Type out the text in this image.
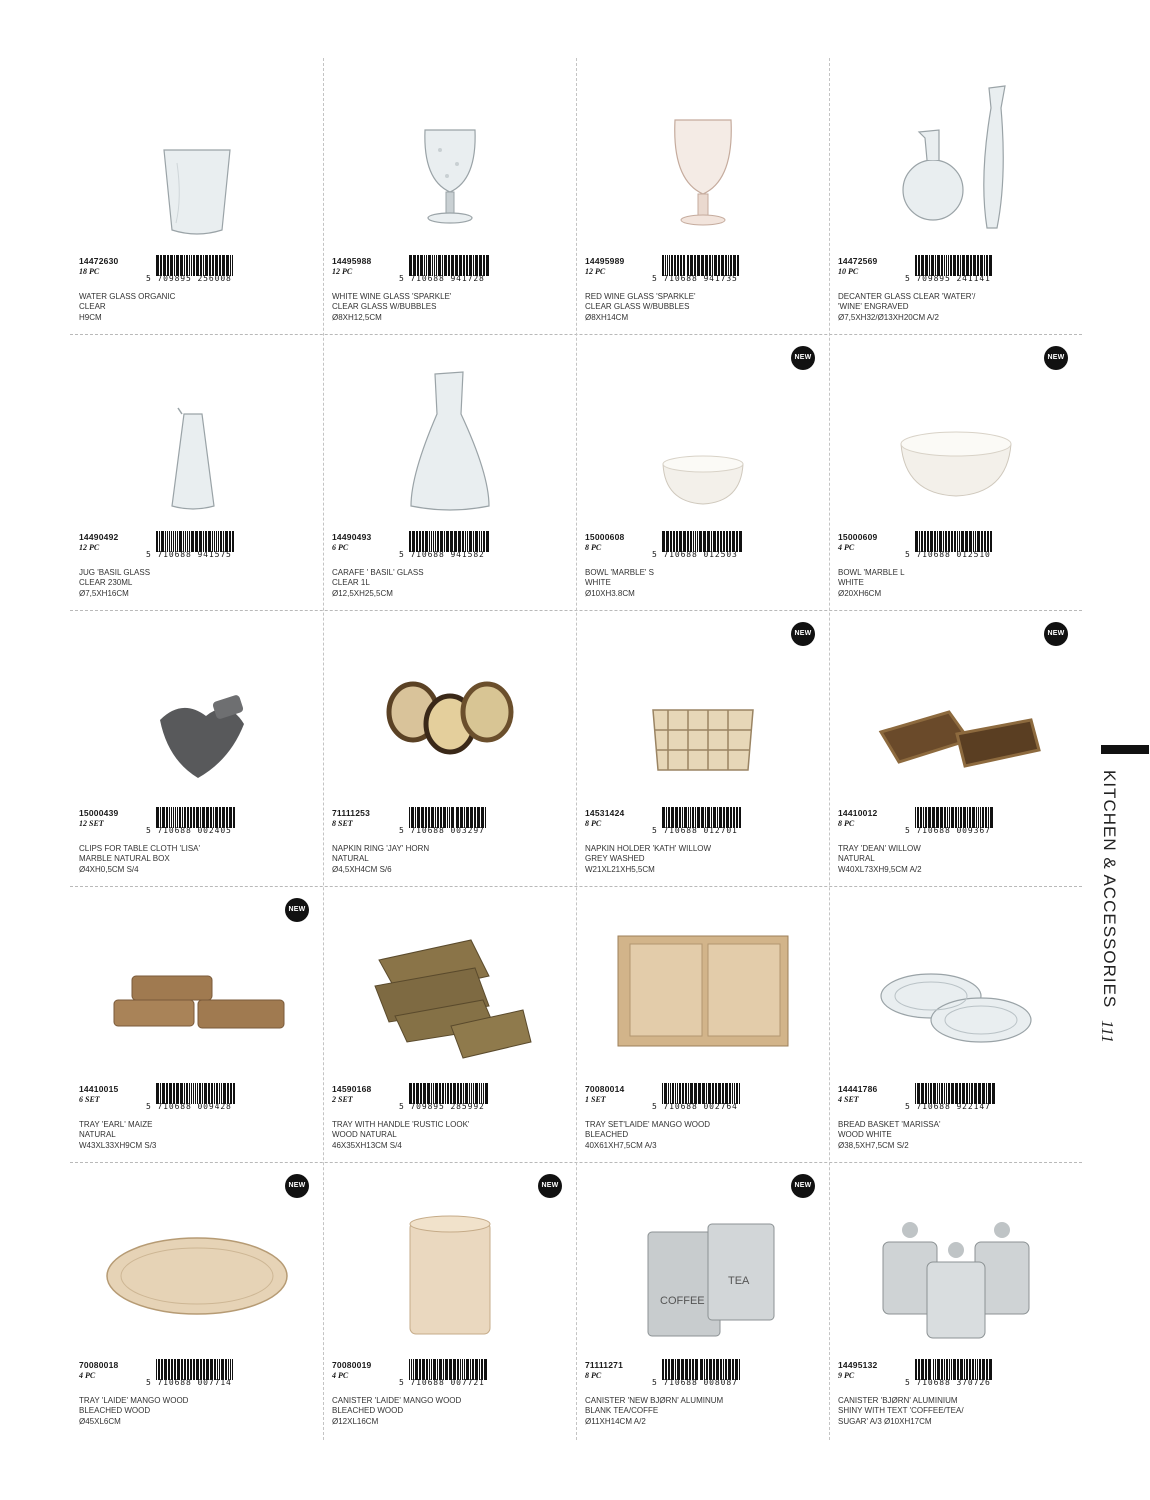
14472630
18 PC
5 709895 256008
WATER GLASS ORGANIC
CLEAR
H9CM
14495988
12 PC
5 710688 941728
WHITE WINE GLASS 'SPARKLE'
CLEAR GLASS W/BUBBLES
Ø8XH12,5CM
14495989
12 PC
5 710688 941735
RED WINE GLASS 'SPARKLE'
CLEAR GLASS W/BUBBLES
Ø8XH14CM
14472569
10 PC
5 709895 241141
DECANTER GLASS CLEAR 'WATER'/
'WINE' ENGRAVED
Ø7,5XH32/Ø13XH20CM A/2
14490492
12 PC
5 710688 941575
JUG 'BASIL GLASS
CLEAR 230ML
Ø7,5XH16CM
14490493
6 PC
5 710688 941582
CARAFE ' BASIL' GLASS
CLEAR 1L
Ø12,5XH25,5CM
NEW
15000608
8 PC
5 710688 012503
BOWL 'MARBLE' S
WHITE
Ø10XH3.8CM
NEW
15000609
4 PC
5 710688 012510
BOWL 'MARBLE L
WHITE
Ø20XH6CM
15000439
12 SET
5 710688 002405
CLIPS FOR TABLE CLOTH 'LISA'
MARBLE NATURAL BOX
Ø4XH0,5CM S/4
71111253
8 SET
5 710688 003297
NAPKIN RING 'JAY' HORN
NATURAL
Ø4,5XH4CM S/6
NEW
14531424
8 PC
5 710688 012701
NAPKIN HOLDER 'KATH' WILLOW
GREY WASHED
W21XL21XH5,5CM
NEW
14410012
8 PC
5 710688 009367
TRAY 'DEAN' WILLOW
NATURAL
W40XL73XH9,5CM A/2
NEW
14410015
6 SET
5 710688 009428
TRAY 'EARL' MAIZE
NATURAL
W43XL33XH9CM S/3
14590168
2 SET
5 709895 285992
TRAY WITH HANDLE 'RUSTIC LOOK'
WOOD NATURAL
46X35XH13CM S/4
70080014
1 SET
5 710688 002764
TRAY SET'LAIDE' MANGO WOOD
BLEACHED
40X61XH7,5CM A/3
14441786
4 SET
5 710688 922147
BREAD BASKET 'MARISSA'
WOOD WHITE
Ø38,5XH7,5CM S/2
NEW
70080018
4 PC
5 710688 007714
TRAY 'LAIDE' MANGO WOOD
BLEACHED WOOD
Ø45XL6CM
NEW
70080019
4 PC
5 710688 007721
CANISTER 'LAIDE' MANGO WOOD
BLEACHED WOOD
Ø12XL16CM
COFFEE
TEA
NEW
71111271
8 PC
5 710688 008087
CANISTER 'NEW BJØRN' ALUMINUM
BLANK TEA/COFFE
Ø11XH14CM A/2
14495132
9 PC
5 710688 370726
CANISTER 'BJØRN' ALUMINIUM
SHINY WITH TEXT 'COFFEE/TEA/
SUGAR' A/3 Ø10XH17CM
KITCHEN & ACCESSORIES
111
